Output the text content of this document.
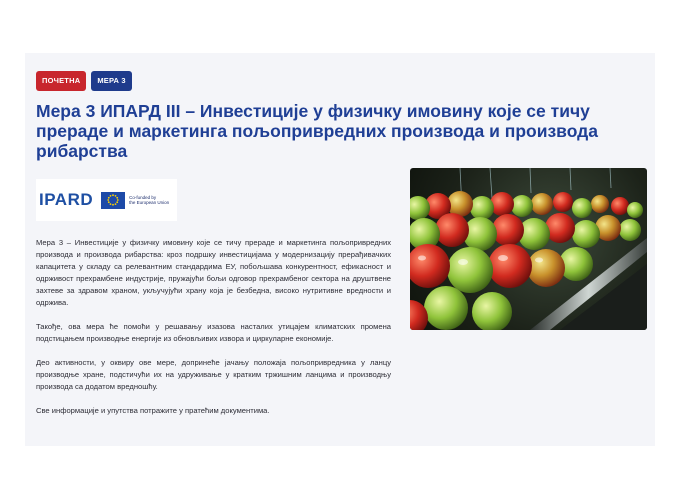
ПОЧЕТНА	МЕРА 3
Мера 3 ИПАРД III – Инвестиције у физичку имовину које се тичу прераде и маркетинга пољопривредних производа и производа рибарства
IPARD	Co-funded by
the European Union

Мера 3 – Инвестиције у физичку имовину које се тичу прераде и маркетинга пољопривредних производа и производа рибарства: кроз подршку инвестицијама у модернизацију прерађивачких капацитета у складу са релевантним стандардима ЕУ, побољшава конкурентност, ефикасност и одрживост прехрамбене индустрије, пружајући бољи одговор прехрамбеног сектора на друштвене захтеве за здравом храном, укључујући храну која је безбедна, високо нутритивне вредности и одржива.

Такође, ова мера ће помоћи у решавању изазова насталих утицајем климатских промена подстицањем производње енергије из обновљивих извора и циркуларне економије.

Део активности, у оквиру ове мере, допринеће јачању положаја пољопривредника у ланцу производње хране, подстичући их на удруживање у кратким тржишним ланцима и производњу производа са додатом вредношћу.

Све информације и упутства потражите у пратећим документима.
